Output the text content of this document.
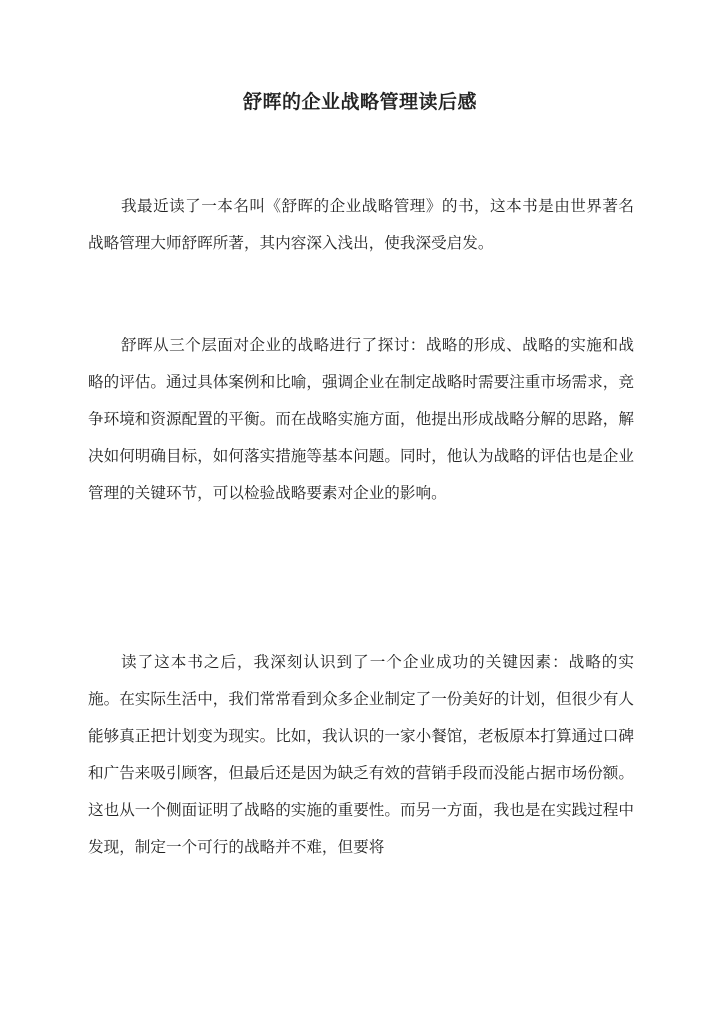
舒晖的企业战略管理读后感
我最近读了一本名叫《舒晖的企业战略管理》的书，这本书是由世界著名战略管理大师舒晖所著，其内容深入浅出，使我深受启发。
舒晖从三个层面对企业的战略进行了探讨：战略的形成、战略的实施和战略的评估。通过具体案例和比喻，强调企业在制定战略时需要注重市场需求，竞争环境和资源配置的平衡。而在战略实施方面，他提出形成战略分解的思路，解决如何明确目标，如何落实措施等基本问题。同时，他认为战略的评估也是企业管理的关键环节，可以检验战略要素对企业的影响。
读了这本书之后，我深刻认识到了一个企业成功的关键因素：战略的实施。在实际生活中，我们常常看到众多企业制定了一份美好的计划，但很少有人能够真正把计划变为现实。比如，我认识的一家小餐馆，老板原本打算通过口碑和广告来吸引顾客，但最后还是因为缺乏有效的营销手段而没能占据市场份额。这也从一个侧面证明了战略的实施的重要性。而另一方面，我也是在实践过程中发现，制定一个可行的战略并不难，但要将
